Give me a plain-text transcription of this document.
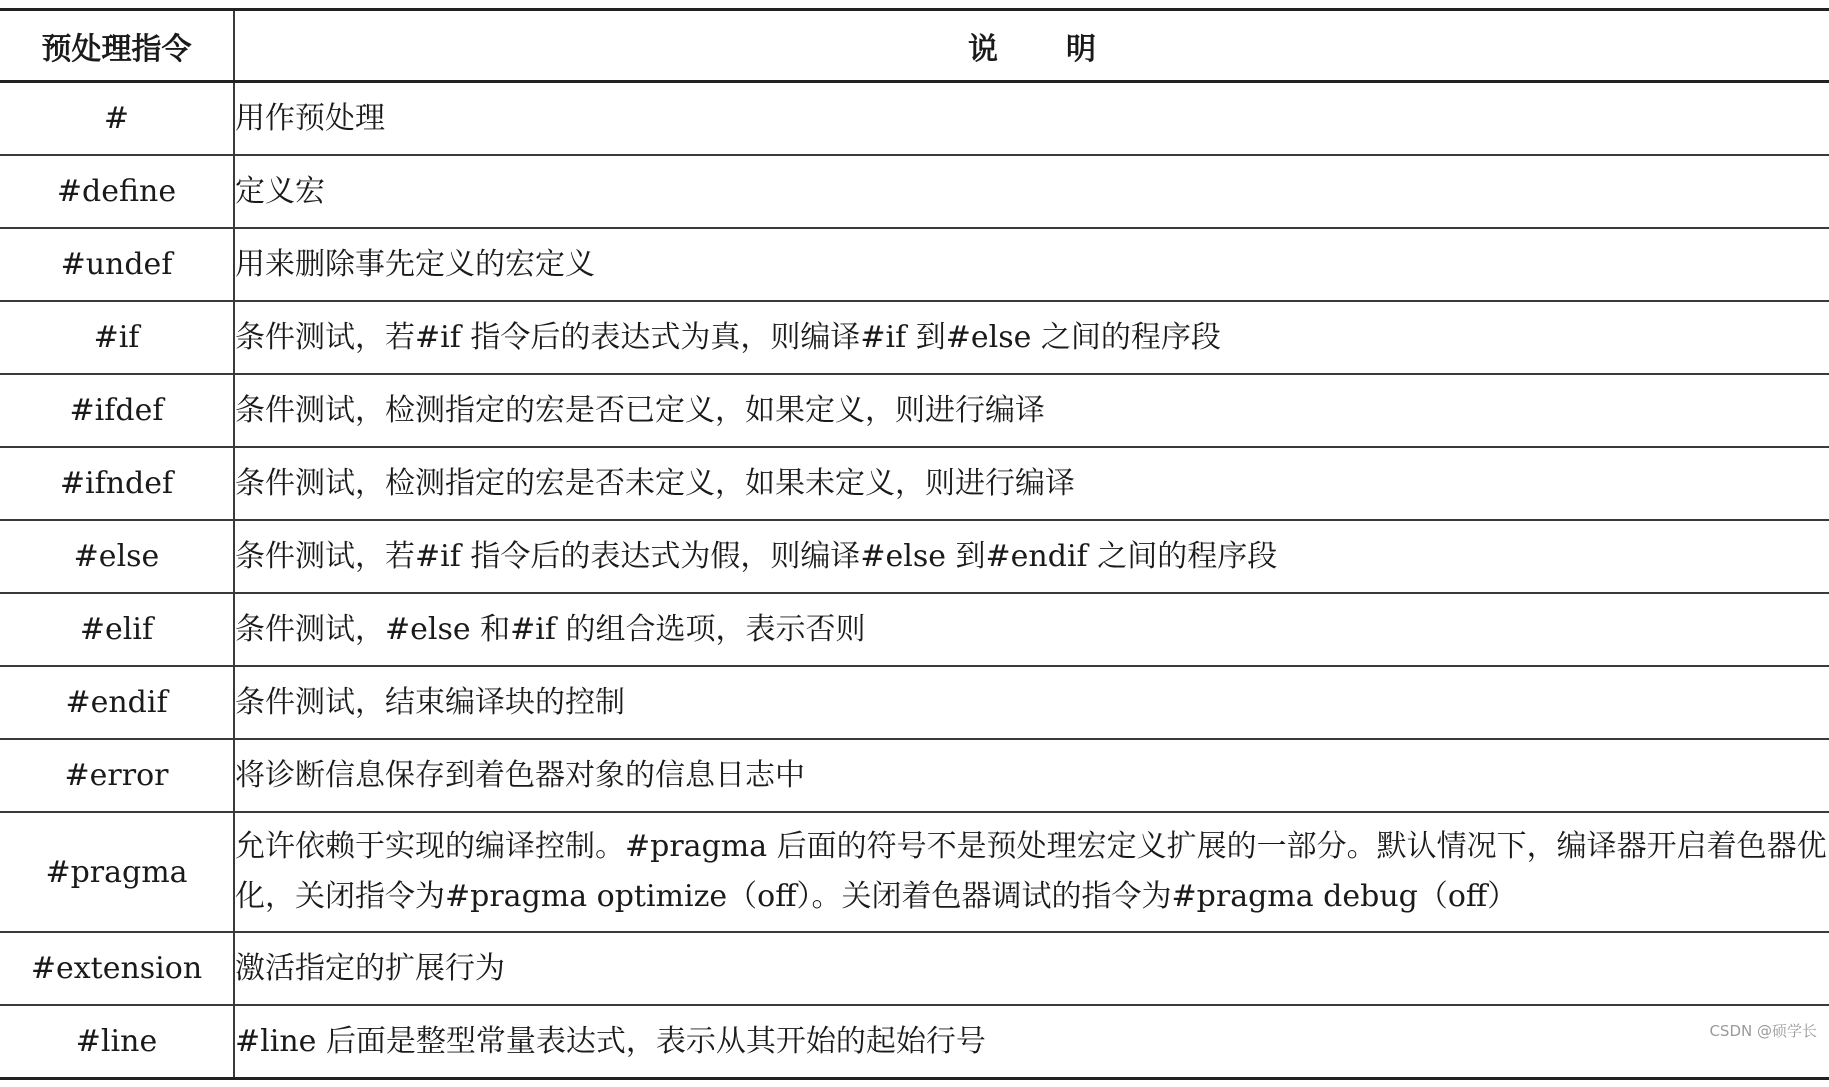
预处理指令	说明
#	用作预处理
#define	定义宏
#undef	用来删除事先定义的宏定义
#if	条件测试，若#if 指令后的表达式为真，则编译#if 到#else 之间的程序段
#ifdef	条件测试，检测指定的宏是否已定义，如果定义，则进行编译
#ifndef	条件测试，检测指定的宏是否未定义，如果未定义，则进行编译
#else	条件测试，若#if 指令后的表达式为假，则编译#else 到#endif 之间的程序段
#elif	条件测试，#else 和#if 的组合选项，表示否则
#endif	条件测试，结束编译块的控制
#error	将诊断信息保存到着色器对象的信息日志中
#pragma	允许依赖于实现的编译控制。#pragma 后面的符号不是预处理宏定义扩展的一部分。默认情况下，编译器开启着色器优化，关闭指令为#pragma optimize（off）。关闭着色器调试的指令为#pragma debug（off）
#extension	激活指定的扩展行为
#line	#line 后面是整型常量表达式，表示从其开始的起始行号	CSDN @硕学长
